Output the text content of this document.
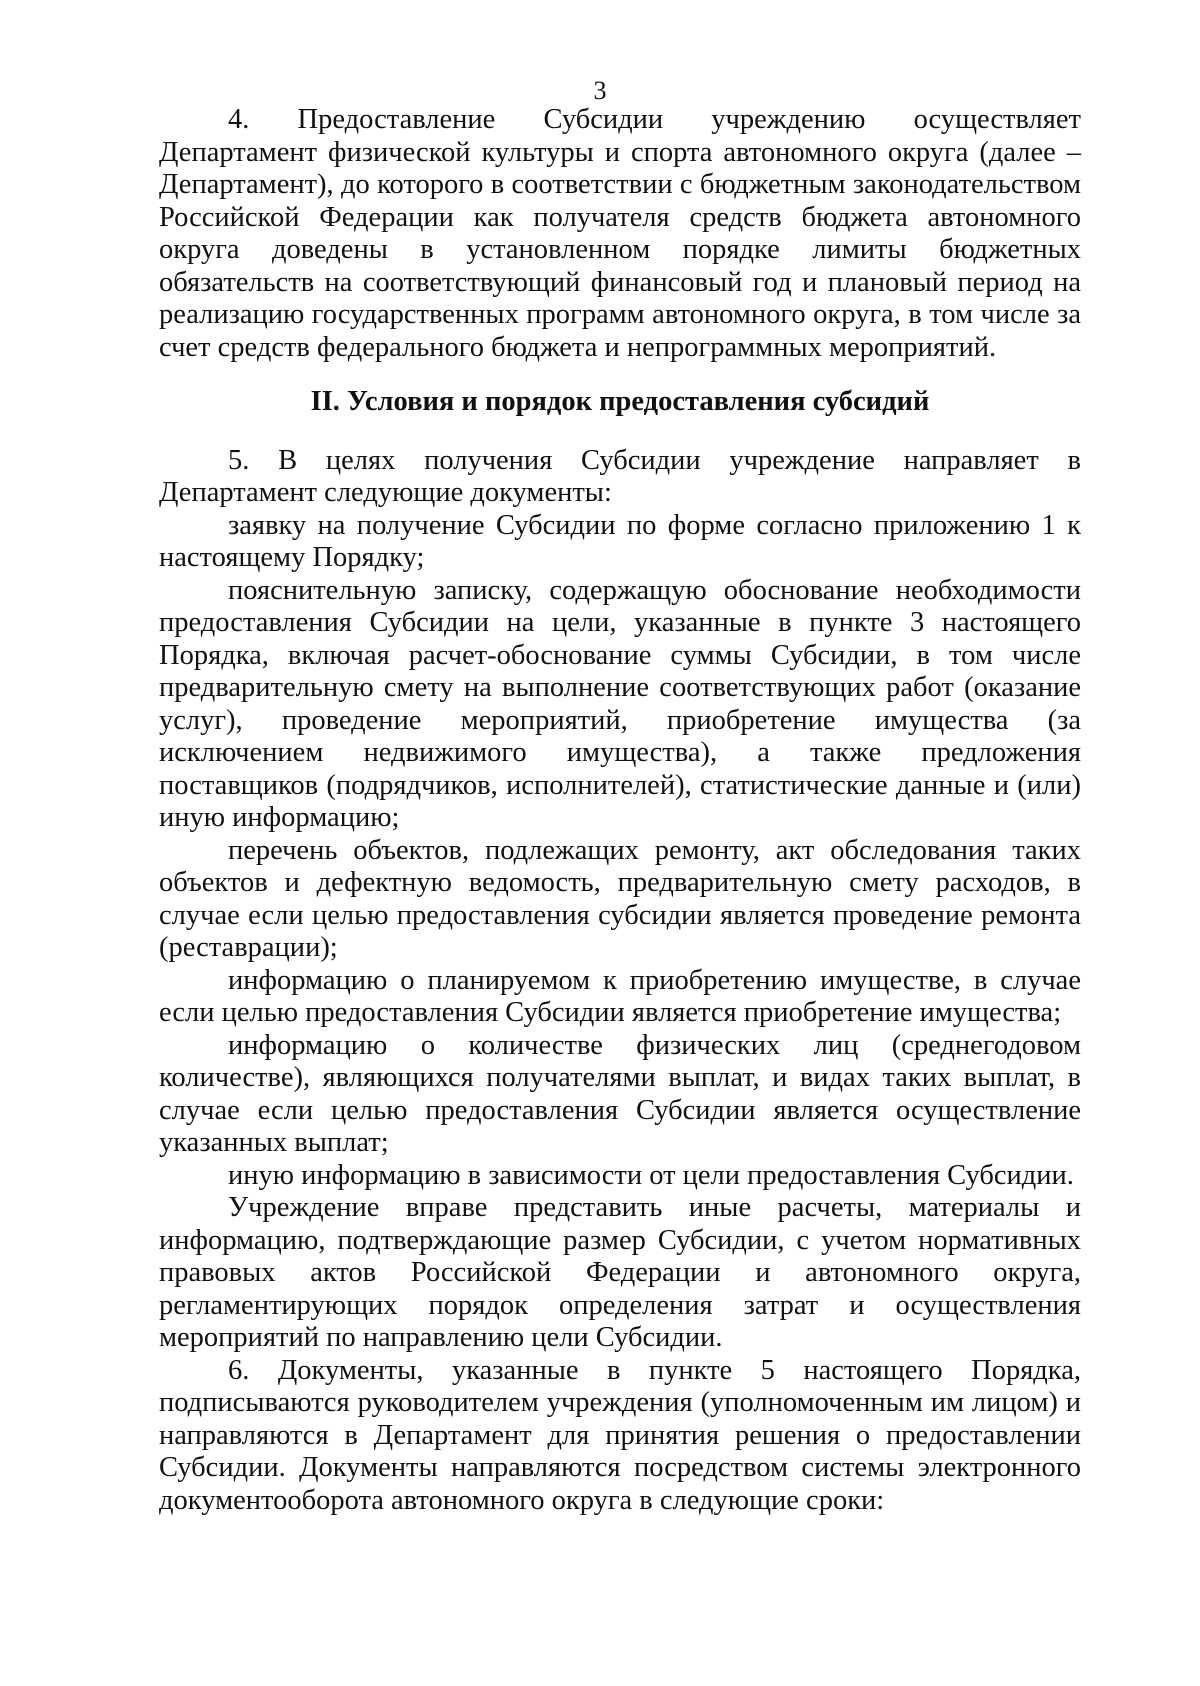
3

4. Предоставление Субсидии учреждению осуществляет Департамент физической культуры и спорта автономного округа (далее – Департамент), до которого в соответствии с бюджетным законодательством Российской Федерации как получателя средств бюджета автономного округа доведены в установленном порядке лимиты бюджетных обязательств на соответствующий финансовый год и плановый период на реализацию государственных программ автономного округа, в том числе за счет средств федерального бюджета и непрограммных мероприятий.

II. Условия и порядок предоставления субсидий

5. В целях получения Субсидии учреждение направляет в Департамент следующие документы:

заявку на получение Субсидии по форме согласно приложению 1 к настоящему Порядку;

пояснительную записку, содержащую обоснование необходимости предоставления Субсидии на цели, указанные в пункте 3 настоящего Порядка, включая расчет-обоснование суммы Субсидии, в том числе предварительную смету на выполнение соответствующих работ (оказание услуг), проведение мероприятий, приобретение имущества (за исключением недвижимого имущества), а также предложения поставщиков (подрядчиков, исполнителей), статистические данные и (или) иную информацию;

перечень объектов, подлежащих ремонту, акт обследования таких объектов и дефектную ведомость, предварительную смету расходов, в случае если целью предоставления субсидии является проведение ремонта (реставрации);

информацию о планируемом к приобретению имуществе, в случае если целью предоставления Субсидии является приобретение имущества;

информацию о количестве физических лиц (среднегодовом количестве), являющихся получателями выплат, и видах таких выплат, в случае если целью предоставления Субсидии является осуществление указанных выплат;

иную информацию в зависимости от цели предоставления Субсидии.

Учреждение вправе представить иные расчеты, материалы и информацию, подтверждающие размер Субсидии, с учетом нормативных правовых актов Российской Федерации и автономного округа, регламентирующих порядок определения затрат и осуществления мероприятий по направлению цели Субсидии.

6. Документы, указанные в пункте 5 настоящего Порядка, подписываются руководителем учреждения (уполномоченным им лицом) и направляются в Департамент для принятия решения о предоставлении Субсидии. Документы направляются посредством системы электронного документооборота автономного округа в следующие сроки:
